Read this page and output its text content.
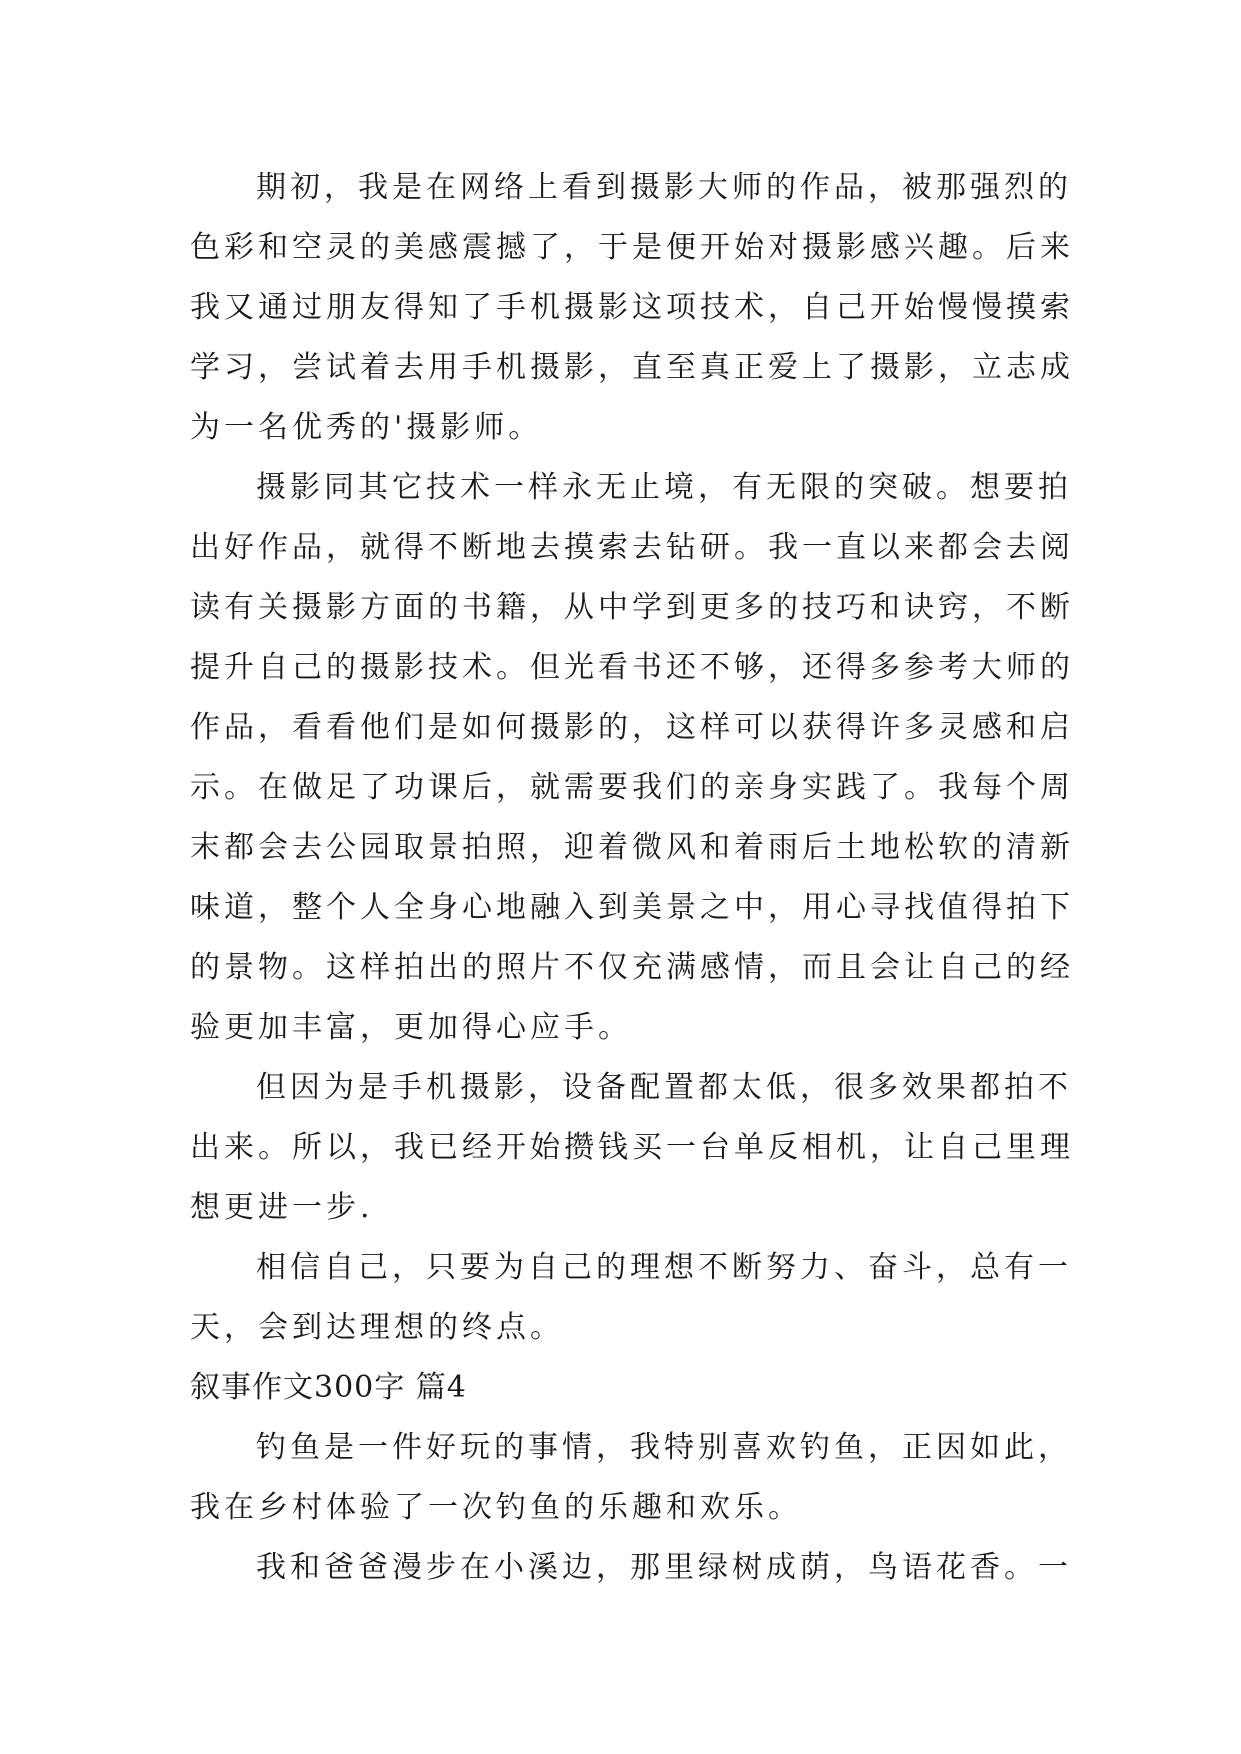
期初，我是在网络上看到摄影大师的作品，被那强烈的
色彩和空灵的美感震撼了，于是便开始对摄影感兴趣。后来
我又通过朋友得知了手机摄影这项技术，自己开始慢慢摸索
学习，尝试着去用手机摄影，直至真正爱上了摄影，立志成
为一名优秀的'摄影师。
摄影同其它技术一样永无止境，有无限的突破。想要拍
出好作品，就得不断地去摸索去钻研。我一直以来都会去阅
读有关摄影方面的书籍，从中学到更多的技巧和诀窍，不断
提升自己的摄影技术。但光看书还不够，还得多参考大师的
作品，看看他们是如何摄影的，这样可以获得许多灵感和启
示。在做足了功课后，就需要我们的亲身实践了。我每个周
末都会去公园取景拍照，迎着微风和着雨后土地松软的清新
味道，整个人全身心地融入到美景之中，用心寻找值得拍下
的景物。这样拍出的照片不仅充满感情，而且会让自己的经
验更加丰富，更加得心应手。
但因为是手机摄影，设备配置都太低，很多效果都拍不
出来。所以，我已经开始攒钱买一台单反相机，让自己里理
想更进一步.
相信自己，只要为自己的理想不断努力、奋斗，总有一
天，会到达理想的终点。
叙事作文300字 篇4
钓鱼是一件好玩的事情，我特别喜欢钓鱼，正因如此，
我在乡村体验了一次钓鱼的乐趣和欢乐。
我和爸爸漫步在小溪边，那里绿树成荫，鸟语花香。一
